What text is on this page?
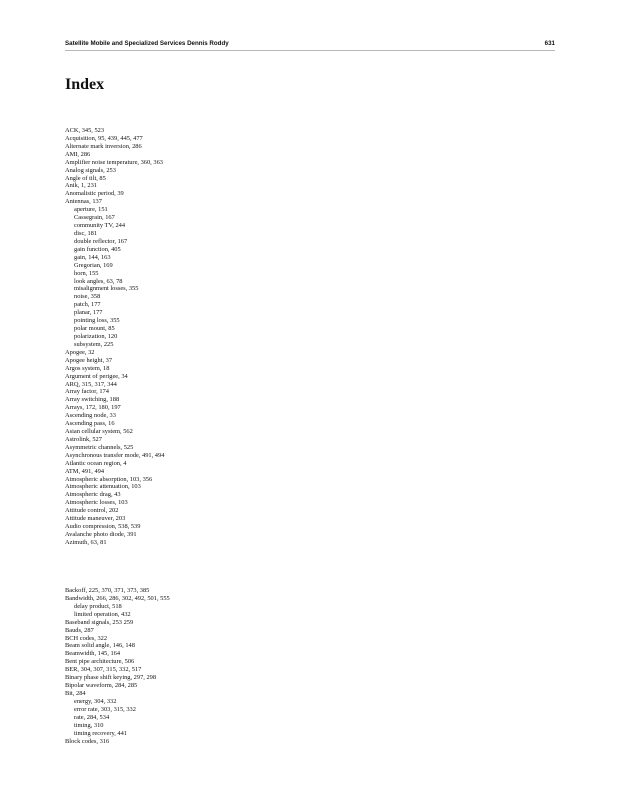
Satellite Mobile and Specialized Services Dennis Roddy	631
Index
ACK, 345, 523
Acquisition, 95, 439, 445, 477
Alternate mark inversion, 286
AMI, 286
Amplifier noise temperature, 360, 363
Analog signals, 253
Angle of tilt, 85
Anik, 1, 231
Anomalistic period, 39
Antennas, 137
aperture, 151
Cassegrain, 167
community TV, 244
disc, 181
double reflector, 167
gain function, 405
gain, 144, 163
Gregorian, 169
horn, 155
look angles, 63, 78
misalignment losses, 355
noise, 358
patch, 177
planar, 177
pointing loss, 355
polar mount, 85
polarization, 120
subsystem, 225
Apogee, 32
Apogee height, 37
Argos system, 18
Argument of perigee, 34
ARQ, 315, 317, 344
Array factor, 174
Array switching, 188
Arrays, 172, 180, 197
Ascending node, 33
Ascending pass, 16
Asian cellular system, 562
Astrolink, 527
Asymmetric channels, 525
Asynchronous transfer mode, 491, 494
Atlantic ocean region, 4
ATM, 491, 494
Atmospheric absorption, 103, 356
Atmospheric attenuation, 103
Atmospheric drag, 43
Atmospheric losses, 103
Attitude control, 202
Attitude maneuver, 203
Audio compression, 538, 539
Avalanche photo diode, 391
Azimuth, 63, 81
Backoff, 225, 370, 371, 373, 385
Bandwidth, 266, 286, 302, 492, 501, 555
delay product, 518
limited operation, 432
Baseband signals, 253 259
Bauds, 287
BCH codes, 322
Beam solid angle, 146, 148
Beamwidth, 145, 164
Bent pipe architecture, 506
BER, 304, 307, 315, 332, 517
Binary phase shift keying, 297, 298
Bipolar waveform, 284, 285
Bit, 284
energy, 304, 332
error rate, 303, 315, 332
rate, 284, 534
timing, 310
timing recovery, 441
Block codes, 316
